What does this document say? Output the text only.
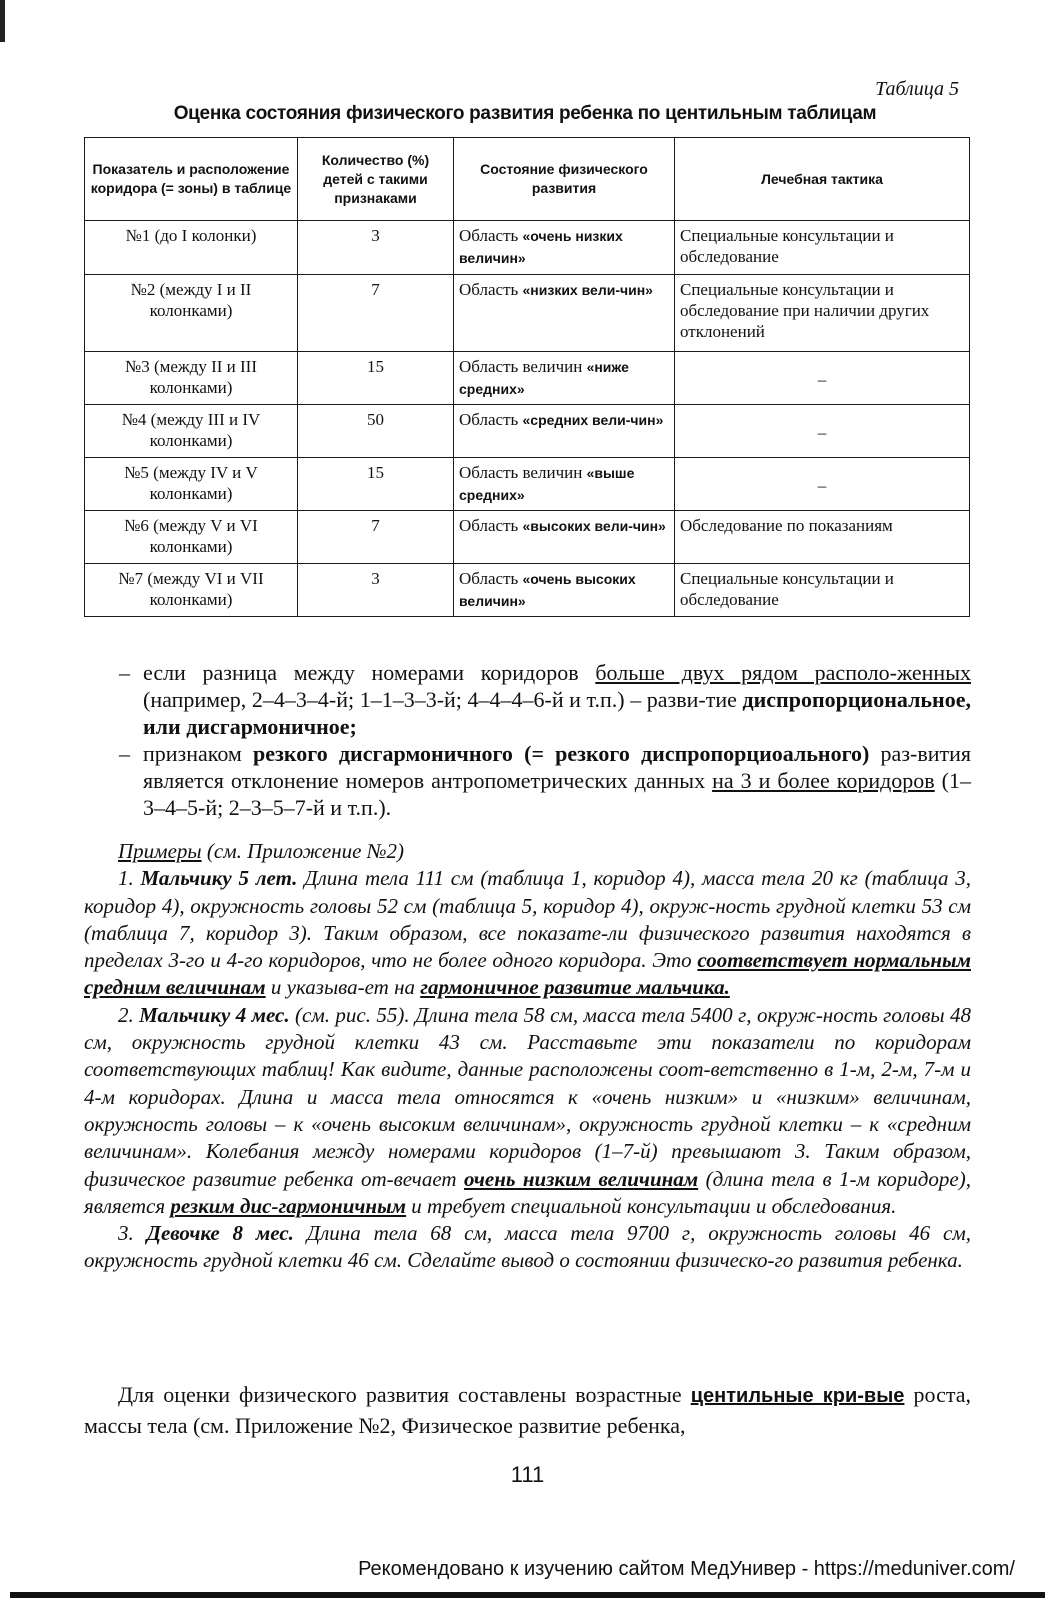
Таблица 5
Оценка состояния физического развития ребенка по центильным таблицам
Показатель и расположение коридора (= зоны) в таблице	Количество (%) детей с такими признаками	Состояние физического развития	Лечебная тактика
№1 (до I колонки)	3	Область «очень низких величин»	Специальные консультации и обследование
№2 (между I и II колонками)	7	Область «низких вели-чин»	Специальные консультации и обследование при наличии других отклонений
№3 (между II и III колонками)	15	Область величин «ниже средних»	–
№4 (между III и IV колонками)	50	Область «средних вели-чин»	–
№5 (между IV и V колонками)	15	Область величин «выше средних»	–
№6 (между V и VI колонками)	7	Область «высоких вели-чин»	Обследование по показаниям
№7 (между VI и VII колонками)	3	Область «очень высоких величин»	Специальные консультации и обследование
– если разница между номерами коридоров больше двух рядом располо-женных (например, 2–4–3–4-й; 1–1–3–3-й; 4–4–4–6-й и т.п.) – разви-тие диспропорциональное, или дисгармоничное;
– признаком резкого дисгармоничного (= резкого диспропорциоального) раз-вития является отклонение номеров антропометрических данных на 3 и более коридоров (1–3–4–5-й; 2–3–5–7-й и т.п.).

Примеры (см. Приложение №2)

1. Мальчику 5 лет. Длина тела 111 см (таблица 1, коридор 4), масса тела 20 кг (таблица 3, коридор 4), окружность головы 52 см (таблица 5, коридор 4), окруж-ность грудной клетки 53 см (таблица 7, коридор 3). Таким образом, все показате-ли физического развития находятся в пределах 3-го и 4-го коридоров, что не более одного коридора. Это соответствует нормальным средним величинам и указыва-ет на гармоничное развитие мальчика.

2. Мальчику 4 мес. (см. рис. 55). Длина тела 58 см, масса тела 5400 г, окруж-ность головы 48 см, окружность грудной клетки 43 см. Расставьте эти показатели по коридорам соответствующих таблиц! Как видите, данные расположены соот-ветственно в 1-м, 2-м, 7-м и 4-м коридорах. Длина и масса тела относятся к «очень низким» и «низким» величинам, окружность головы – к «очень высоким величинам», окружность грудной клетки – к «средним величинам». Колебания между номерами коридоров (1–7-й) превышают 3. Таким образом, физическое развитие ребенка от-вечает очень низким величинам (длина тела в 1-м коридоре), является резким дис-гармоничным и требует специальной консультации и обследования.

3. Девочке 8 мес. Длина тела 68 см, масса тела 9700 г, окружность головы 46 см, окружность грудной клетки 46 см. Сделайте вывод о состоянии физическо-го развития ребенка.

Для оценки физического развития составлены возрастные центильные кри-вые роста, массы тела (см. Приложение №2, Физическое развитие ребенка,

111
Рекомендовано к изучению сайтом МедУнивер - https://meduniver.com/
